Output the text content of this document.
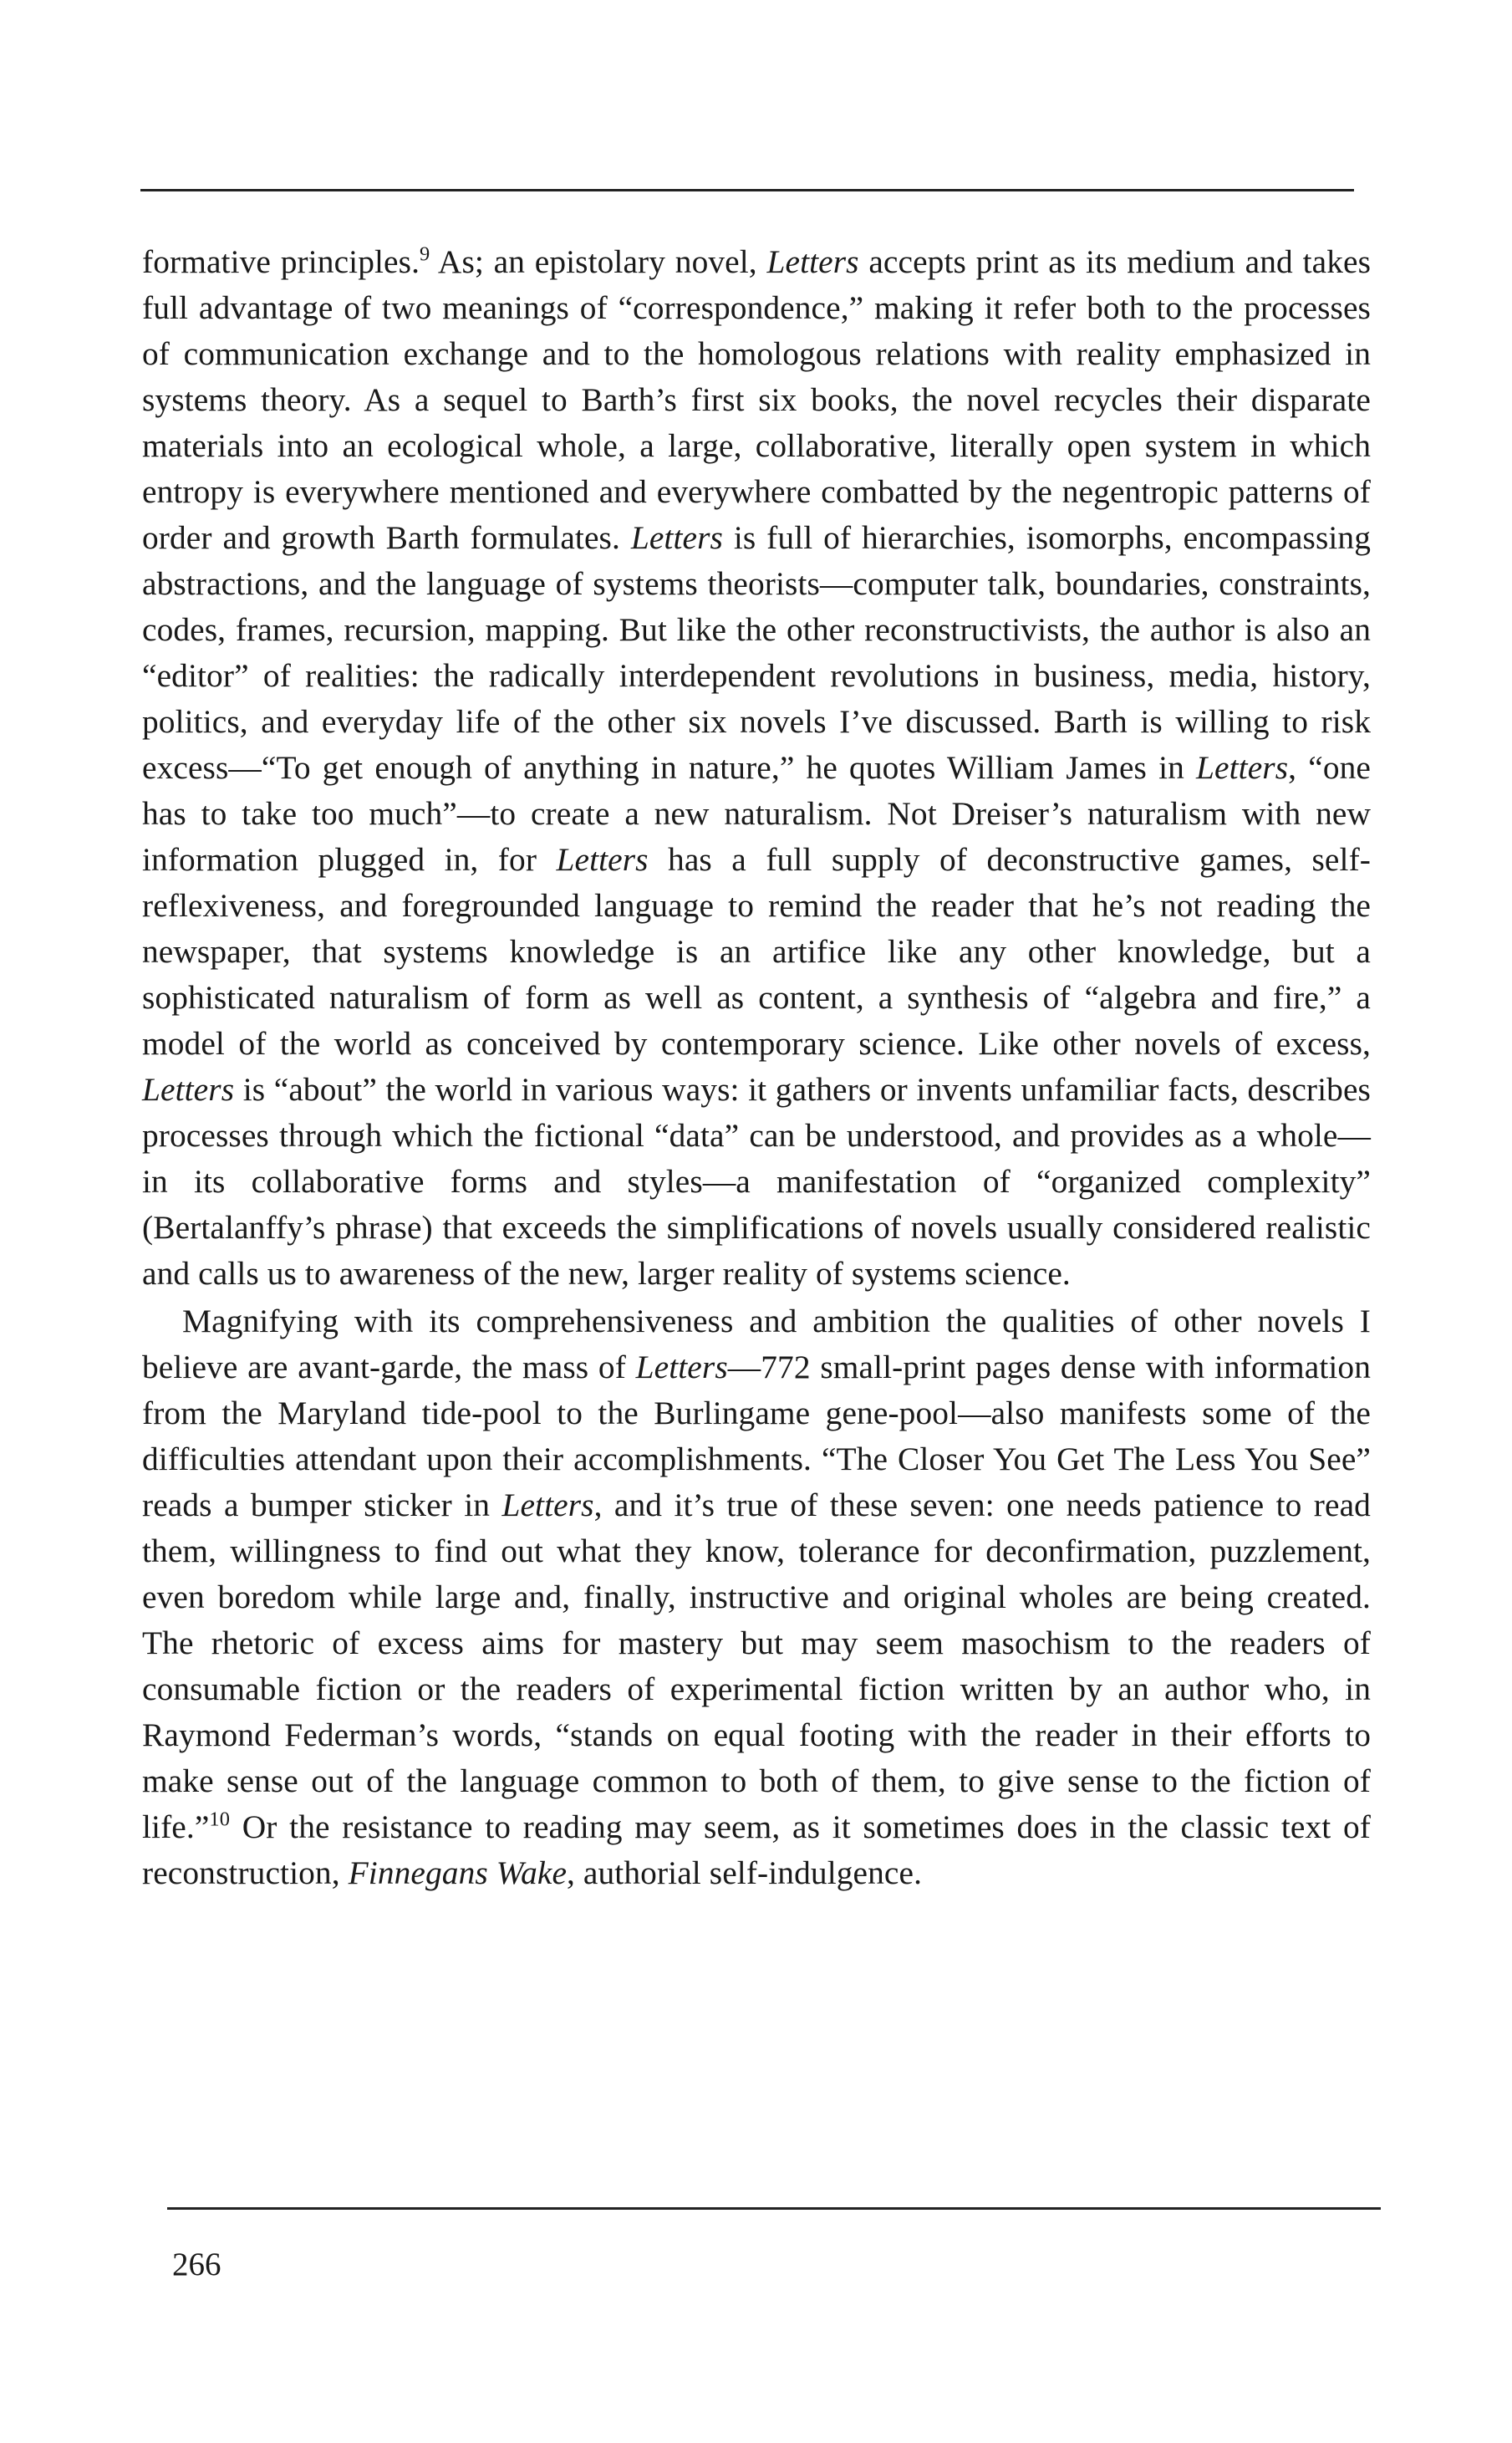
formative principles.$^9$ As; an epistolary novel, Letters accepts print as its medium and takes full advantage of two meanings of “correspondence,” making it refer both to the processes of communication exchange and to the homologous relations with reality emphasized in systems theory. As a sequel to Barth’s first six books, the novel recycles their disparate materials into an ecological whole, a large, collaborative, literally open system in which entropy is everywhere mentioned and everywhere combatted by the negentropic patterns of order and growth Barth formulates. Letters is full of hierarchies, isomorphs, encompassing abstractions, and the language of systems theorists—computer talk, boundaries, constraints, codes, frames, recursion, mapping. But like the other reconstructivists, the author is also an “editor” of realities: the radically interdependent revolutions in business, media, history, politics, and everyday life of the other six novels I’ve discussed. Barth is willing to risk excess—“To get enough of anything in nature,” he quotes William James in Letters, “one has to take too much”—to create a new naturalism. Not Dreiser’s naturalism with new information plugged in, for Letters has a full supply of deconstructive games, self-reflexiveness, and foregrounded language to remind the reader that he’s not reading the newspaper, that systems knowledge is an artifice like any other knowledge, but a sophisticated naturalism of form as well as content, a synthesis of “algebra and fire,” a model of the world as conceived by contemporary science. Like other novels of excess, Letters is “about” the world in various ways: it gathers or invents unfamiliar facts, describes processes through which the fictional “data” can be understood, and provides as a whole—in its collaborative forms and styles—a manifestation of “organized complexity” (Bertalanffy’s phrase) that exceeds the simplifications of novels usually considered realistic and calls us to awareness of the new, larger reality of systems science.

Magnifying with its comprehensiveness and ambition the qualities of other novels I believe are avant-garde, the mass of Letters—772 small-print pages dense with information from the Maryland tide-pool to the Burlingame gene-pool—also manifests some of the difficulties attendant upon their accomplishments. “The Closer You Get The Less You See” reads a bumper sticker in Letters, and it’s true of these seven: one needs patience to read them, willingness to find out what they know, tolerance for deconfirmation, puzzlement, even boredom while large and, finally, instructive and original wholes are being created. The rhetoric of excess aims for mastery but may seem masochism to the readers of consumable fiction or the readers of experimental fiction written by an author who, in Raymond Federman’s words, “stands on equal footing with the reader in their efforts to make sense out of the language common to both of them, to give sense to the fiction of life.”$^{10}$ Or the resistance to reading may seem, as it sometimes does in the classic text of reconstruction, Finnegans Wake, authorial self-indulgence.

266
